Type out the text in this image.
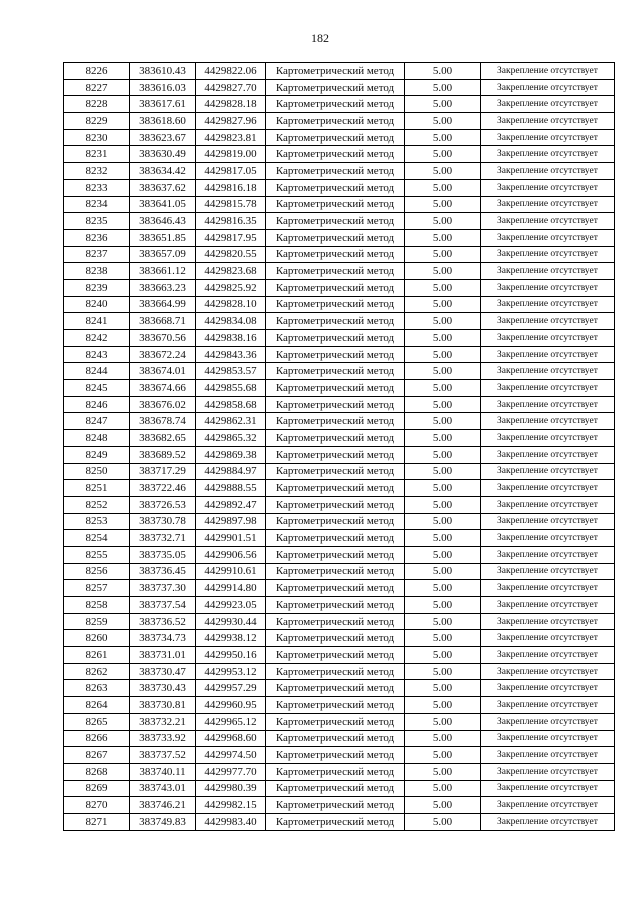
182
8226	383610.43	4429822.06	Картометрический метод	5.00	Закрепление отсутствует
8227	383616.03	4429827.70	Картометрический метод	5.00	Закрепление отсутствует
8228	383617.61	4429828.18	Картометрический метод	5.00	Закрепление отсутствует
8229	383618.60	4429827.96	Картометрический метод	5.00	Закрепление отсутствует
8230	383623.67	4429823.81	Картометрический метод	5.00	Закрепление отсутствует
8231	383630.49	4429819.00	Картометрический метод	5.00	Закрепление отсутствует
8232	383634.42	4429817.05	Картометрический метод	5.00	Закрепление отсутствует
8233	383637.62	4429816.18	Картометрический метод	5.00	Закрепление отсутствует
8234	383641.05	4429815.78	Картометрический метод	5.00	Закрепление отсутствует
8235	383646.43	4429816.35	Картометрический метод	5.00	Закрепление отсутствует
8236	383651.85	4429817.95	Картометрический метод	5.00	Закрепление отсутствует
8237	383657.09	4429820.55	Картометрический метод	5.00	Закрепление отсутствует
8238	383661.12	4429823.68	Картометрический метод	5.00	Закрепление отсутствует
8239	383663.23	4429825.92	Картометрический метод	5.00	Закрепление отсутствует
8240	383664.99	4429828.10	Картометрический метод	5.00	Закрепление отсутствует
8241	383668.71	4429834.08	Картометрический метод	5.00	Закрепление отсутствует
8242	383670.56	4429838.16	Картометрический метод	5.00	Закрепление отсутствует
8243	383672.24	4429843.36	Картометрический метод	5.00	Закрепление отсутствует
8244	383674.01	4429853.57	Картометрический метод	5.00	Закрепление отсутствует
8245	383674.66	4429855.68	Картометрический метод	5.00	Закрепление отсутствует
8246	383676.02	4429858.68	Картометрический метод	5.00	Закрепление отсутствует
8247	383678.74	4429862.31	Картометрический метод	5.00	Закрепление отсутствует
8248	383682.65	4429865.32	Картометрический метод	5.00	Закрепление отсутствует
8249	383689.52	4429869.38	Картометрический метод	5.00	Закрепление отсутствует
8250	383717.29	4429884.97	Картометрический метод	5.00	Закрепление отсутствует
8251	383722.46	4429888.55	Картометрический метод	5.00	Закрепление отсутствует
8252	383726.53	4429892.47	Картометрический метод	5.00	Закрепление отсутствует
8253	383730.78	4429897.98	Картометрический метод	5.00	Закрепление отсутствует
8254	383732.71	4429901.51	Картометрический метод	5.00	Закрепление отсутствует
8255	383735.05	4429906.56	Картометрический метод	5.00	Закрепление отсутствует
8256	383736.45	4429910.61	Картометрический метод	5.00	Закрепление отсутствует
8257	383737.30	4429914.80	Картометрический метод	5.00	Закрепление отсутствует
8258	383737.54	4429923.05	Картометрический метод	5.00	Закрепление отсутствует
8259	383736.52	4429930.44	Картометрический метод	5.00	Закрепление отсутствует
8260	383734.73	4429938.12	Картометрический метод	5.00	Закрепление отсутствует
8261	383731.01	4429950.16	Картометрический метод	5.00	Закрепление отсутствует
8262	383730.47	4429953.12	Картометрический метод	5.00	Закрепление отсутствует
8263	383730.43	4429957.29	Картометрический метод	5.00	Закрепление отсутствует
8264	383730.81	4429960.95	Картометрический метод	5.00	Закрепление отсутствует
8265	383732.21	4429965.12	Картометрический метод	5.00	Закрепление отсутствует
8266	383733.92	4429968.60	Картометрический метод	5.00	Закрепление отсутствует
8267	383737.52	4429974.50	Картометрический метод	5.00	Закрепление отсутствует
8268	383740.11	4429977.70	Картометрический метод	5.00	Закрепление отсутствует
8269	383743.01	4429980.39	Картометрический метод	5.00	Закрепление отсутствует
8270	383746.21	4429982.15	Картометрический метод	5.00	Закрепление отсутствует
8271	383749.83	4429983.40	Картометрический метод	5.00	Закрепление отсутствует
